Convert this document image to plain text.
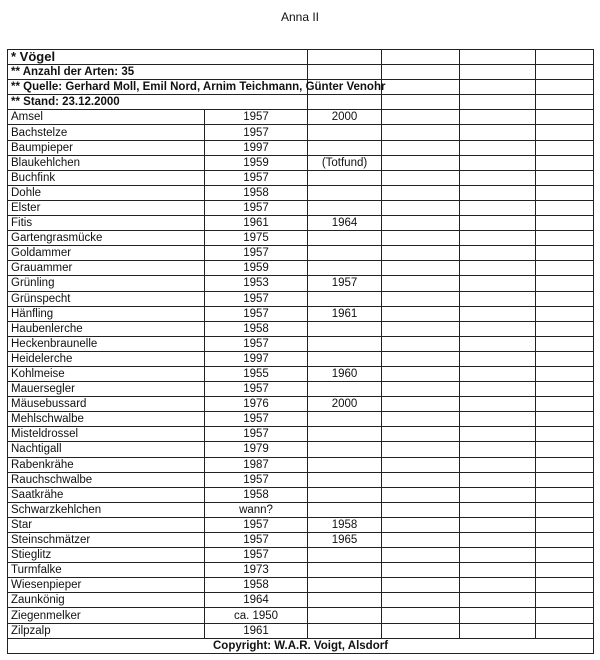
Anna II
* Vögel					
** Anzahl der Arten: 35					
** Quelle: Gerhard Moll, Emil Nord, Arnim Teichmann, Günter Venohr					
** Stand: 23.12.2000					
Amsel	1957	2000			
Bachstelze	1957				
Baumpieper	1997				
Blaukehlchen	1959	(Totfund)			
Buchfink	1957				
Dohle	1958				
Elster	1957				
Fitis	1961	1964			
Gartengrasmücke	1975				
Goldammer	1957				
Grauammer	1959				
Grünling	1953	1957			
Grünspecht	1957				
Hänfling	1957	1961			
Haubenlerche	1958				
Heckenbraunelle	1957				
Heidelerche	1997				
Kohlmeise	1955	1960			
Mauersegler	1957				
Mäusebussard	1976	2000			
Mehlschwalbe	1957				
Misteldrossel	1957				
Nachtigall	1979				
Rabenkrähe	1987				
Rauchschwalbe	1957				
Saatkrähe	1958				
Schwarzkehlchen	wann?				
Star	1957	1958			
Steinschmätzer	1957	1965			
Stieglitz	1957				
Turmfalke	1973				
Wiesenpieper	1958				
Zaunkönig	1964				
Ziegenmelker	ca. 1950				
Zilpzalp	1961				
Copyright: W.A.R. Voigt, Alsdorf					
